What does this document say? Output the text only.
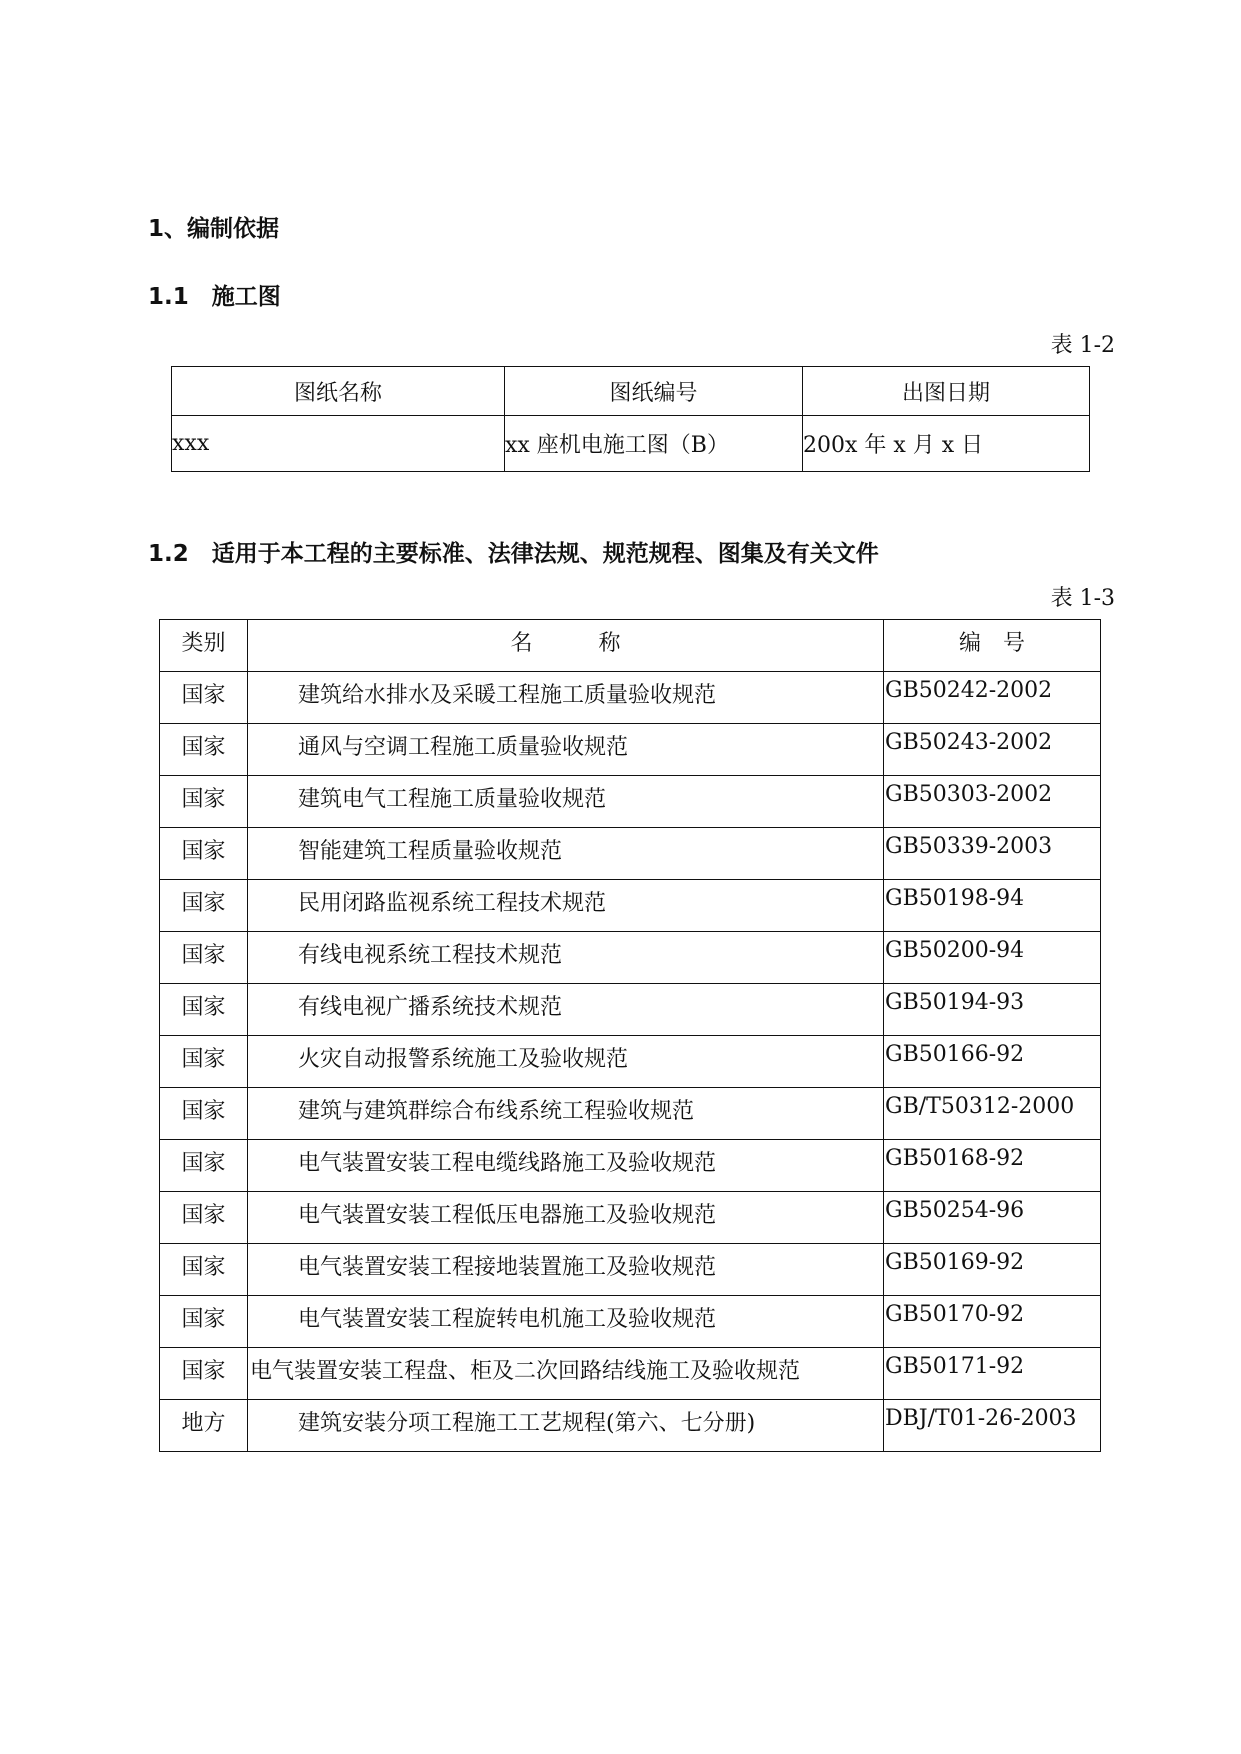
1、编制依据
1.1　施工图
表 1-2
图纸名称	图纸编号	出图日期
xxx	xx 座机电施工图（B）	200x 年 x 月 x 日
1.2　适用于本工程的主要标准、法律法规、规范规程、图集及有关文件
表 1-3
类别	名　　　称	编　号
国家	建筑给水排水及采暖工程施工质量验收规范	GB50242-2002
国家	通风与空调工程施工质量验收规范	GB50243-2002
国家	建筑电气工程施工质量验收规范	GB50303-2002
国家	智能建筑工程质量验收规范	GB50339-2003
国家	民用闭路监视系统工程技术规范	GB50198-94
国家	有线电视系统工程技术规范	GB50200-94
国家	有线电视广播系统技术规范	GB50194-93
国家	火灾自动报警系统施工及验收规范	GB50166-92
国家	建筑与建筑群综合布线系统工程验收规范	GB/T50312-2000
国家	电气装置安装工程电缆线路施工及验收规范	GB50168-92
国家	电气装置安装工程低压电器施工及验收规范	GB50254-96
国家	电气装置安装工程接地装置施工及验收规范	GB50169-92
国家	电气装置安装工程旋转电机施工及验收规范	GB50170-92
国家	电气装置安装工程盘、柜及二次回路结线施工及验收规范	GB50171-92
地方	建筑安装分项工程施工工艺规程(第六、七分册)	DBJ/T01-26-2003
